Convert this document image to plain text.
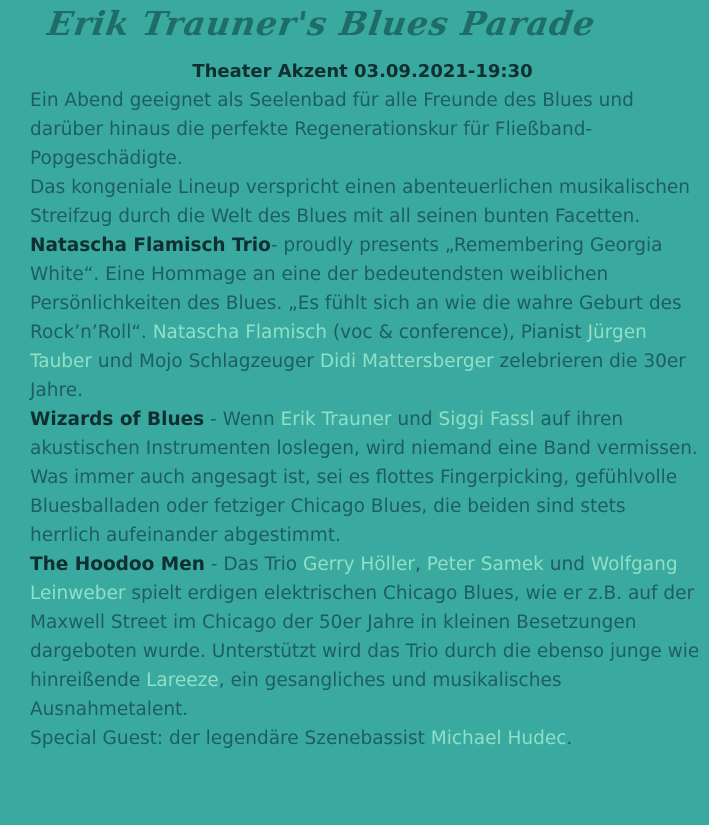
Erik Trauner's Blues Parade
Theater Akzent 03.09.2021-19:30

Ein Abend geeignet als Seelenbad für alle Freunde des Blues und darüber hinaus die perfekte Regenerationskur für Fließband-Popgeschädigte.

Das kongeniale Lineup verspricht einen abenteuerlichen musikalischen Streifzug durch die Welt des Blues mit all seinen bunten Facetten.

Natascha Flamisch Trio- proudly presents „Remembering Georgia White“. Eine Hommage an eine der bedeutendsten weiblichen Persönlichkeiten des Blues. „Es fühlt sich an wie die wahre Geburt des Rock’n’Roll“. Natascha Flamisch (voc & conference), Pianist Jürgen Tauber und Mojo Schlagzeuger Didi Mattersberger zelebrieren die 30er Jahre.

Wizards of Blues - Wenn Erik Trauner und Siggi Fassl auf ihren akustischen Instrumenten loslegen, wird niemand eine Band vermissen. Was immer auch angesagt ist, sei es flottes Fingerpicking, gefühlvolle Bluesballaden oder fetziger Chicago Blues, die beiden sind stets herrlich aufeinander abgestimmt.

The Hoodoo Men - Das Trio Gerry Höller, Peter Samek und Wolfgang Leinweber spielt erdigen elektrischen Chicago Blues, wie er z.B. auf der Maxwell Street im Chicago der 50er Jahre in kleinen Besetzungen dargeboten wurde. Unterstützt wird das Trio durch die ebenso junge wie hinreißende Lareeze, ein gesangliches und musikalisches Ausnahmetalent.

Special Guest: der legendäre Szenebassist Michael Hudec.
